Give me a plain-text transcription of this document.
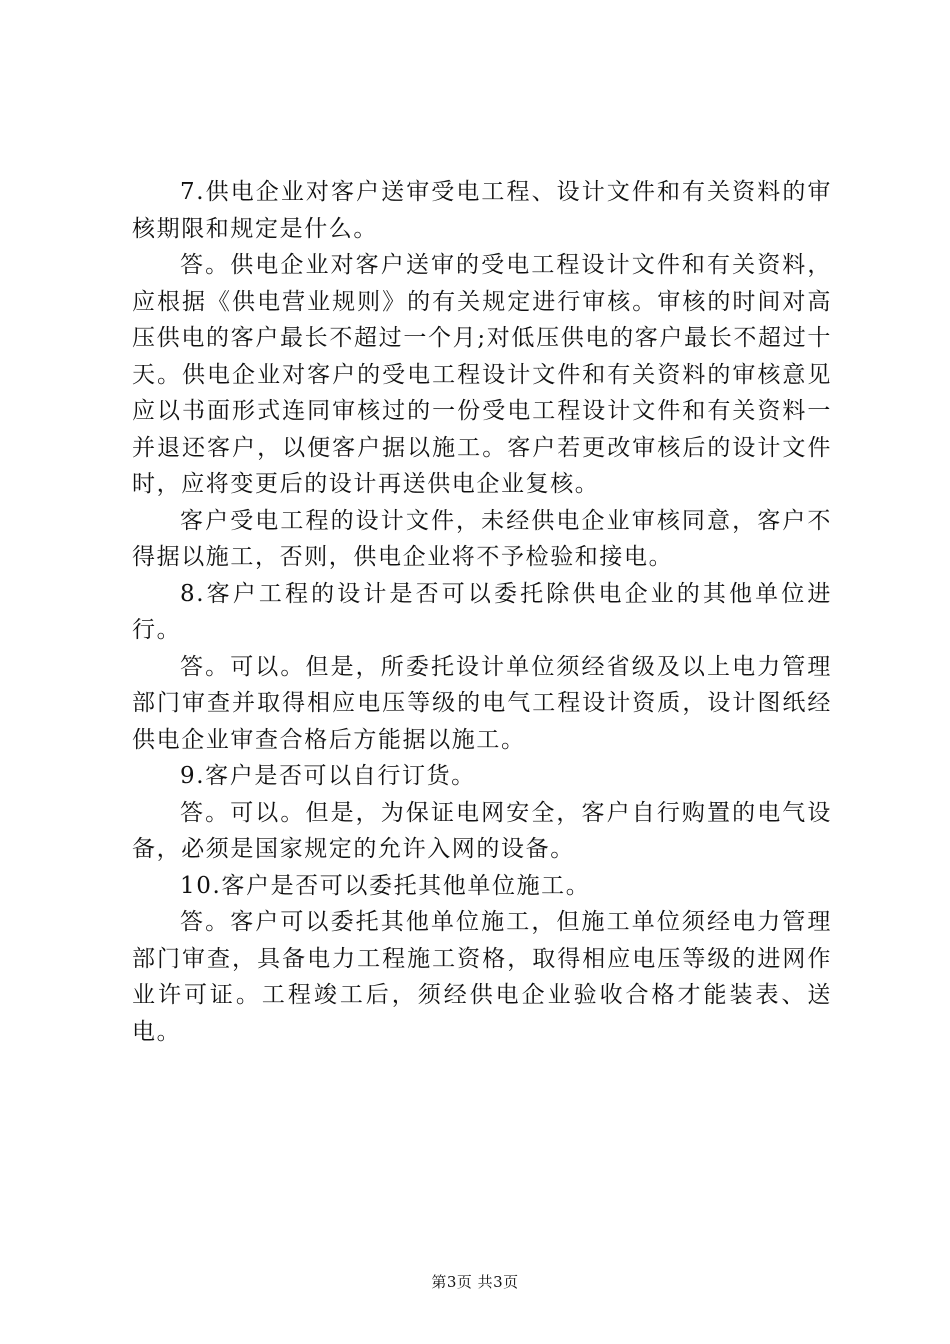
7.供电企业对客户送审受电工程、设计文件和有关资料的审核期限和规定是什么。

答。供电企业对客户送审的受电工程设计文件和有关资料，应根据《供电营业规则》的有关规定进行审核。审核的时间对高压供电的客户最长不超过一个月;对低压供电的客户最长不超过十天。供电企业对客户的受电工程设计文件和有关资料的审核意见应以书面形式连同审核过的一份受电工程设计文件和有关资料一并退还客户，以便客户据以施工。客户若更改审核后的设计文件时，应将变更后的设计再送供电企业复核。

客户受电工程的设计文件，未经供电企业审核同意，客户不得据以施工，否则，供电企业将不予检验和接电。

8.客户工程的设计是否可以委托除供电企业的其他单位进行。

答。可以。但是，所委托设计单位须经省级及以上电力管理部门审查并取得相应电压等级的电气工程设计资质，设计图纸经供电企业审查合格后方能据以施工。

9.客户是否可以自行订货。

答。可以。但是，为保证电网安全，客户自行购置的电气设备，必须是国家规定的允许入网的设备。

10.客户是否可以委托其他单位施工。

答。客户可以委托其他单位施工，但施工单位须经电力管理部门审查，具备电力工程施工资格，取得相应电压等级的进网作业许可证。工程竣工后，须经供电企业验收合格才能装表、送电。

第3页 共3页
